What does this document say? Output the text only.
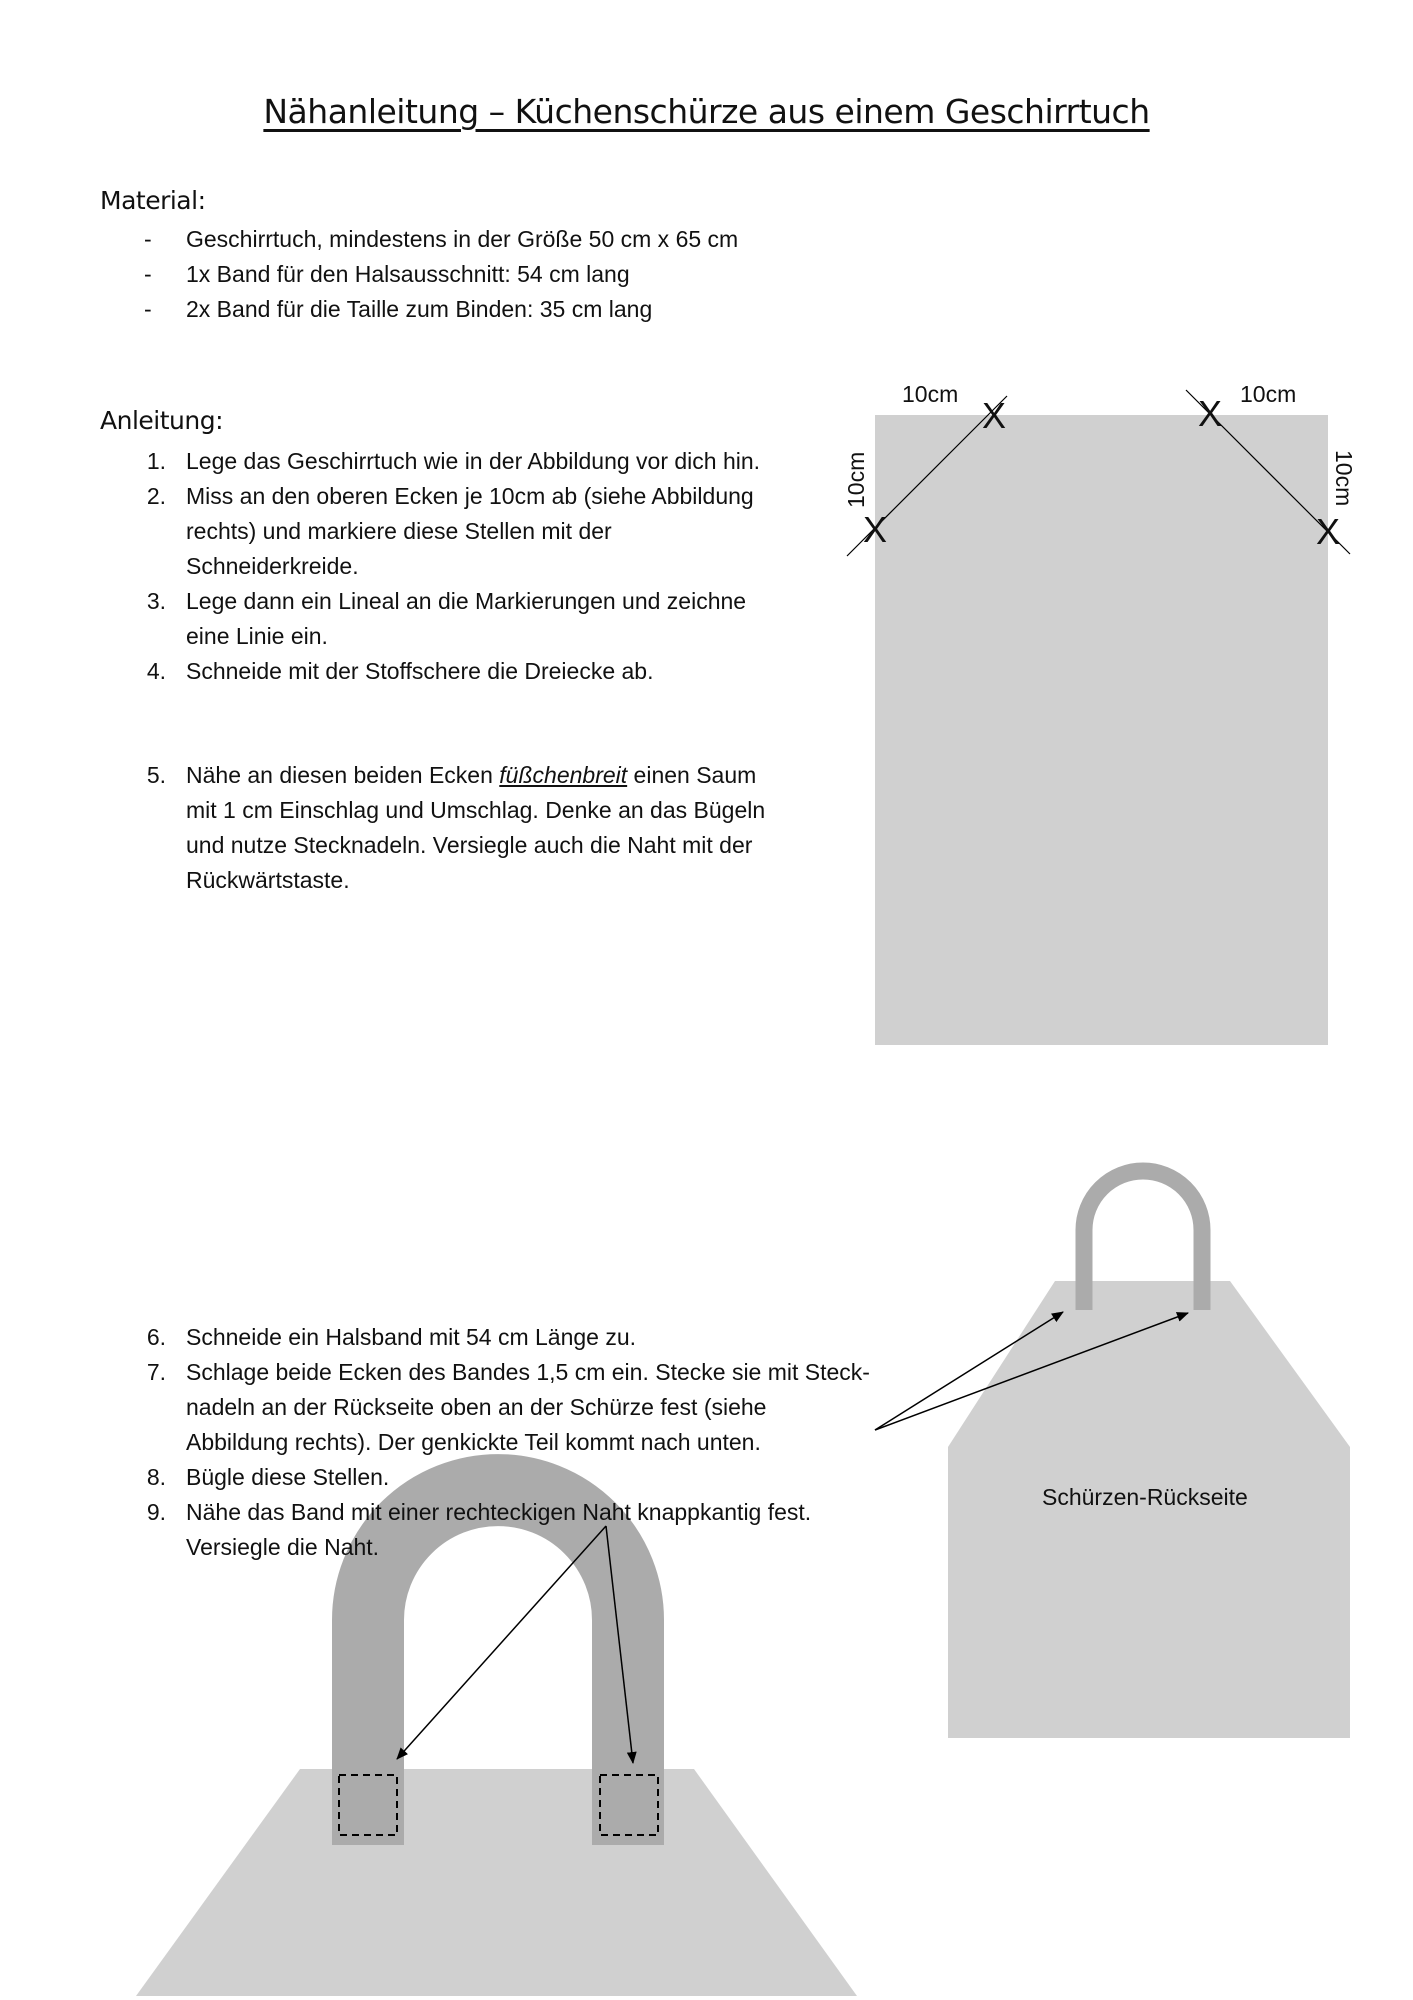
Nähanleitung – Küchenschürze aus einem Geschirrtuch
Material:
- Geschirrtuch, mindestens in der Größe 50 cm x 65 cm
- 1x Band für den Halsausschnitt: 54 cm lang
- 2x Band für die Taille zum Binden: 35 cm lang
Anleitung:
1. Lege das Geschirrtuch wie in der Abbildung vor dich hin.
2. Miss an den oberen Ecken je 10cm ab (siehe Abbildung
rechts) und markiere diese Stellen mit der
Schneiderkreide.
3. Lege dann ein Lineal an die Markierungen und zeichne
eine Linie ein.
4. Schneide mit der Stoffschere die Dreiecke ab.
5. Nähe an diesen beiden Ecken füßchenbreit einen Saum
mit 1 cm Einschlag und Umschlag. Denke an das Bügeln
und nutze Stecknadeln. Versiegle auch die Naht mit der
Rückwärtstaste.
10cm	10cm
10cm	10cm
X	X
X	X
Schürzen-Rückseite
6. Schneide ein Halsband mit 54 cm Länge zu.
7. Schlage beide Ecken des Bandes 1,5 cm ein. Stecke sie mit Steck-
nadeln an der Rückseite oben an der Schürze fest (siehe
Abbildung rechts). Der genkickte Teil kommt nach unten.
8. Bügle diese Stellen.
9. Nähe das Band mit einer rechteckigen Naht knappkantig fest.
Versiegle die Naht.
